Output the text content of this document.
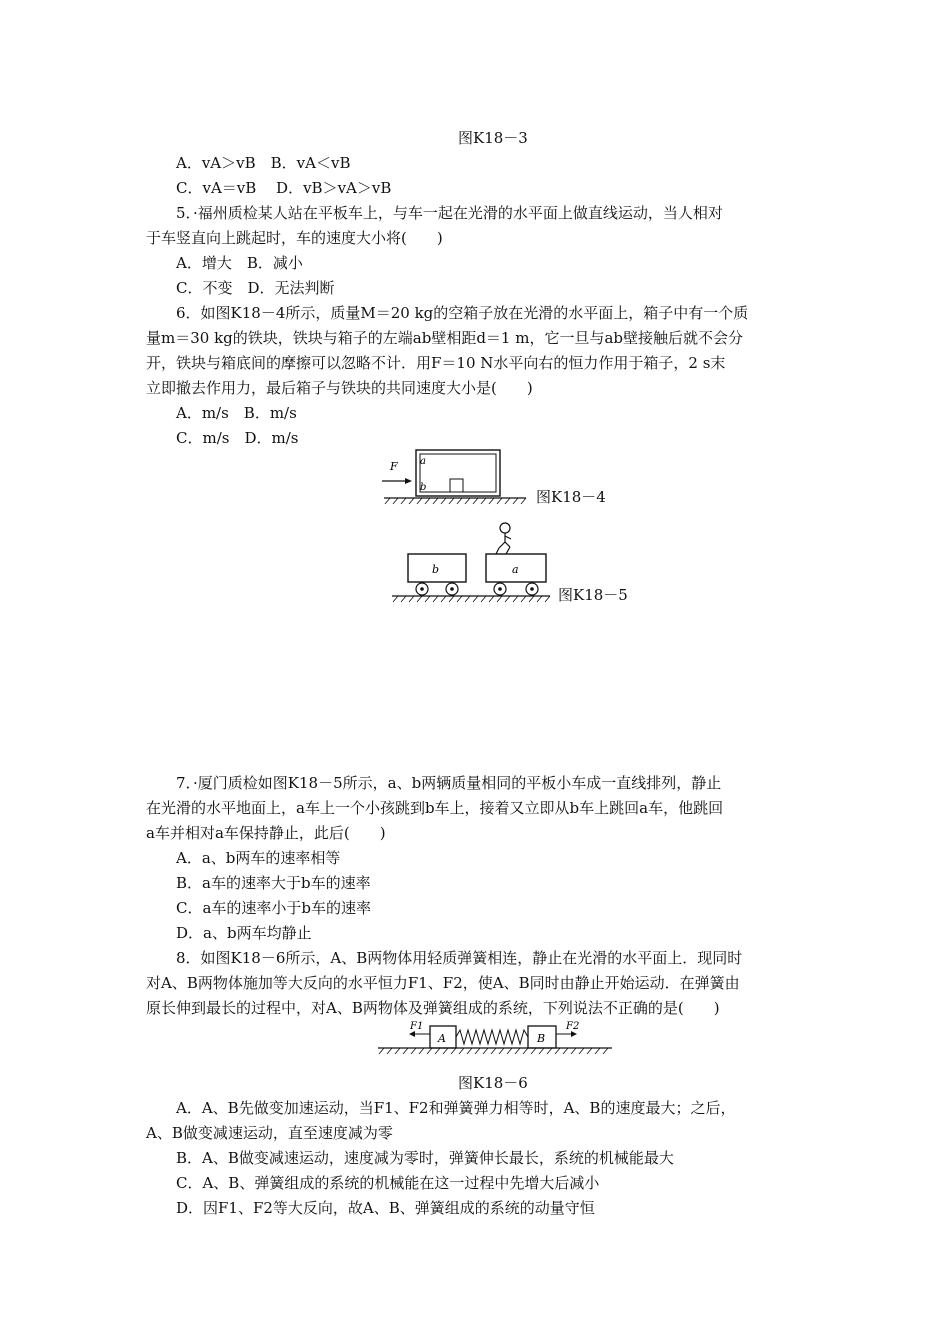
图K18－3
A．vA＞vB　B．vA＜vB
C．vA＝vB　 D．vB＞vA＞vB
　　5．·福州质检某人站在平板车上，与车一起在光滑的水平面上做直线运动，当人相对
于车竖直向上跳起时，车的速度大小将(　　)
A．增大　B．减小
C．不变　D．无法判断
　　6．如图K18－4所示，质量M＝20 kg的空箱子放在光滑的水平面上，箱子中有一个质
量m＝30 kg的铁块，铁块与箱子的左端ab壁相距d＝1 m，它一旦与ab壁接触后就不会分
开，铁块与箱底间的摩擦可以忽略不计．用F＝10 N水平向右的恒力作用于箱子，2 s末
立即撤去作用力，最后箱子与铁块的共同速度大小是(　　)
A．m/s　B．m/s
C．m/s　D．m/s
F a
b
图K18－4
b	a
图K18－5
　　7．·厦门质检如图K18－5所示，a、b两辆质量相同的平板小车成一直线排列，静止
在光滑的水平地面上，a车上一个小孩跳到b车上，接着又立即从b车上跳回a车，他跳回
a车并相对a车保持静止，此后(　　)
A．a、b两车的速率相等
B．a车的速率大于b车的速率
C．a车的速率小于b车的速率
D．a、b两车均静止
　　8．如图K18－6所示，A、B两物体用轻质弹簧相连，静止在光滑的水平面上．现同时
对A、B两物体施加等大反向的水平恒力F1、F2，使A、B同时由静止开始运动．在弹簧由
原长伸到最长的过程中，对A、B两物体及弹簧组成的系统，下列说法不正确的是(　　)
F1
A	B
F2
图K18－6
　　A．A、B先做变加速运动，当F1、F2和弹簧弹力相等时，A、B的速度最大；之后，
A、B做变减速运动，直至速度减为零
　　B．A、B做变减速运动，速度减为零时，弹簧伸长最长，系统的机械能最大
　　C．A、B、弹簧组成的系统的机械能在这一过程中先增大后减小
　　D．因F1、F2等大反向，故A、B、弹簧组成的系统的动量守恒
